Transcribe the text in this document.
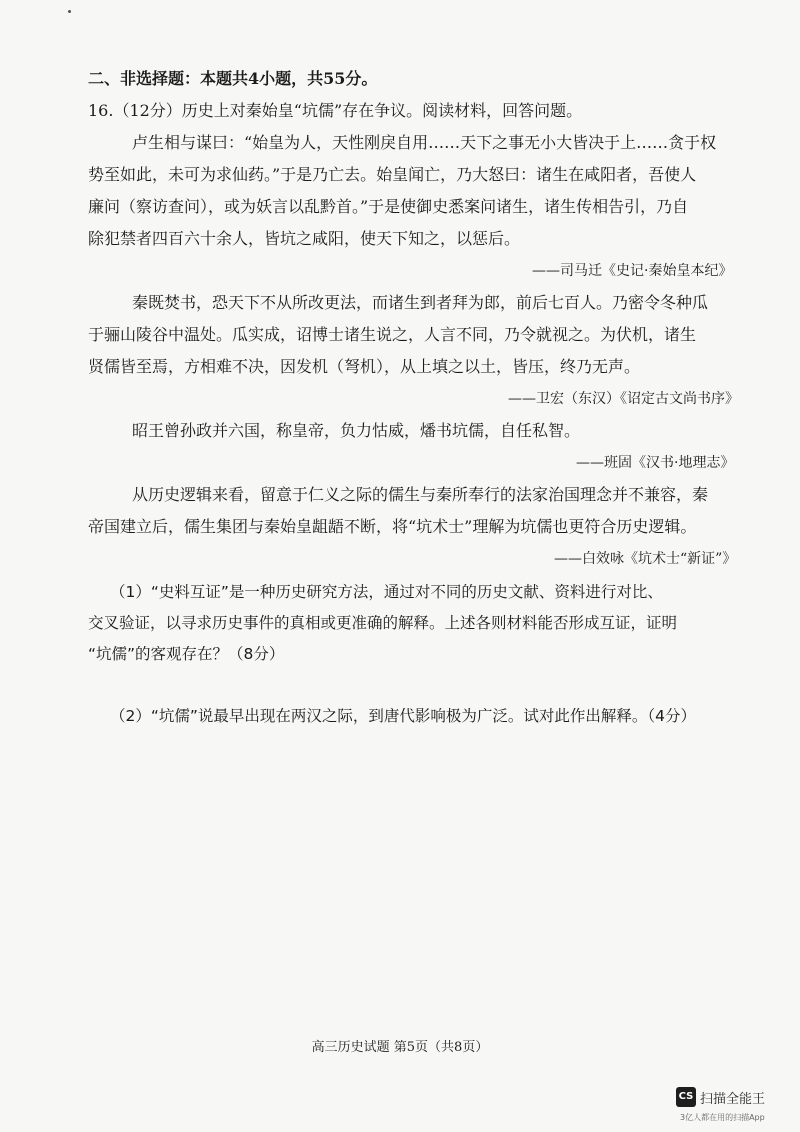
二、非选择题：本题共4小题，共55分。
16.（12分）历史上对秦始皇“坑儒”存在争议。阅读材料，回答问题。
卢生相与谋曰：“始皇为人，天性刚戾自用……天下之事无小大皆决于上……贪于权
势至如此，未可为求仙药。”于是乃亡去。始皇闻亡，乃大怒曰：诸生在咸阳者，吾使人
廉问（察访查问），或为妖言以乱黔首。”于是使御史悉案问诸生，诸生传相告引，乃自
除犯禁者四百六十余人，皆坑之咸阳，使天下知之，以惩后。
——司马迁《史记·秦始皇本纪》
秦既焚书，恐天下不从所改更法，而诸生到者拜为郎，前后七百人。乃密令冬种瓜
于骊山陵谷中温处。瓜实成，诏博士诸生说之，人言不同，乃令就视之。为伏机，诸生
贤儒皆至焉，方相难不决，因发机（弩机），从上填之以土，皆压，终乃无声。
——卫宏（东汉）《诏定古文尚书序》
昭王曾孙政并六国，称皇帝，负力怙威，燔书坑儒，自任私智。
——班固《汉书·地理志》
从历史逻辑来看，留意于仁义之际的儒生与秦所奉行的法家治国理念并不兼容，秦
帝国建立后，儒生集团与秦始皇龃龉不断，将“坑术士”理解为坑儒也更符合历史逻辑。
——白效咏《坑术士“新证”》
（1）“史料互证”是一种历史研究方法，通过对不同的历史文献、资料进行对比、
交叉验证，以寻求历史事件的真相或更准确的解释。上述各则材料能否形成互证，证明
“坑儒”的客观存在？（8分）
（2）“坑儒”说最早出现在两汉之际，到唐代影响极为广泛。试对此作出解释。（4分）
高三历史试题 第5页（共8页）
CS 扫描全能王
3亿人都在用的扫描App
